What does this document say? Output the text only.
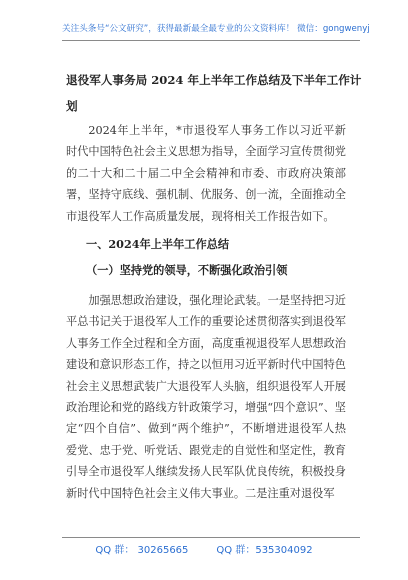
关注头条号“公文研究”，获得最新最全最专业的公文资料库！ 微信：gongwenyj
退役军人事务局 2024 年上半年工作总结及下半年工作计划
2024年上半年，*市退役军人事务工作以习近平新时代中国特色社会主义思想为指导，全面学习宣传贯彻党的二十大和二十届二中全会精神和市委、市政府决策部署，坚持守底线、强机制、优服务、创一流，全面推动全市退役军人工作高质量发展，现将相关工作报告如下。
一、2024年上半年工作总结
（一）坚持党的领导，不断强化政治引领
加强思想政治建设，强化理论武装。一是坚持把习近平总书记关于退役军人工作的重要论述贯彻落实到退役军人事务工作全过程和全方面，高度重视退役军人思想政治建设和意识形态工作，持之以恒用习近平新时代中国特色社会主义思想武装广大退役军人头脑，组织退役军人开展政治理论和党的路线方针政策学习，增强“四个意识”、坚定“四个自信”、做到“两个维护”，不断增进退役军人热爱党、忠于党、听党话、跟党走的自觉性和坚定性，教育引导全市退役军人继续发扬人民军队优良传统，积极投身新时代中国特色社会主义伟大事业。二是注重对退役军
QQ 群： 30265665	QQ 群：535304092
